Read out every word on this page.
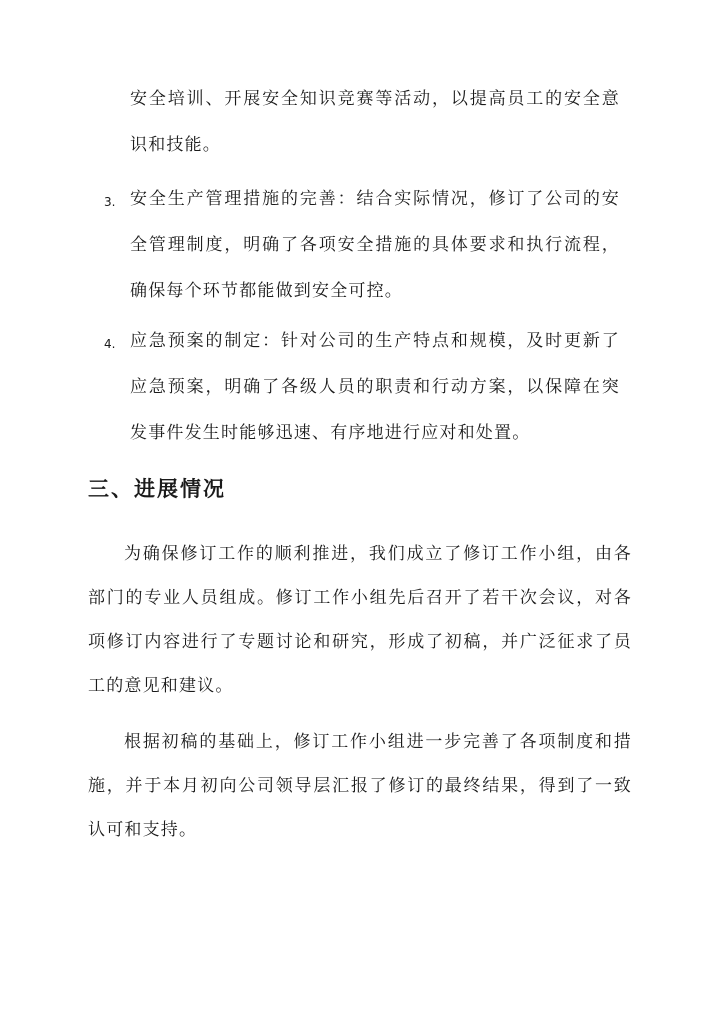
安全培训、开展安全知识竞赛等活动，以提高员工的安全意识和技能。
3. 安全生产管理措施的完善：结合实际情况，修订了公司的安全管理制度，明确了各项安全措施的具体要求和执行流程，确保每个环节都能做到安全可控。
4. 应急预案的制定：针对公司的生产特点和规模，及时更新了应急预案，明确了各级人员的职责和行动方案，以保障在突发事件发生时能够迅速、有序地进行应对和处置。
三、进展情况
为确保修订工作的顺利推进，我们成立了修订工作小组，由各部门的专业人员组成。修订工作小组先后召开了若干次会议，对各项修订内容进行了专题讨论和研究，形成了初稿，并广泛征求了员工的意见和建议。
根据初稿的基础上，修订工作小组进一步完善了各项制度和措施，并于本月初向公司领导层汇报了修订的最终结果，得到了一致认可和支持。
